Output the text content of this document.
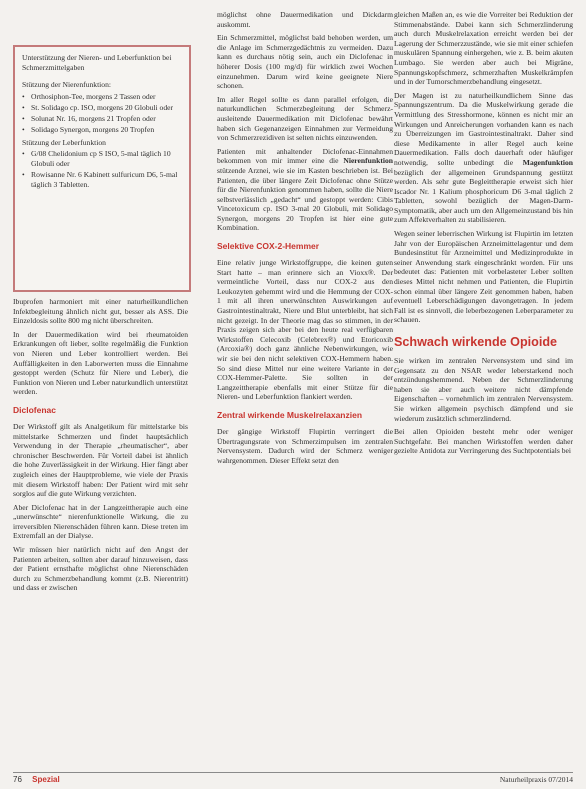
Unterstützung der Nieren- und Leberfunktion bei Schmerzmittelgaben
Stützung der Nierenfunktion:
• Orthosiphon-Tee, morgens 2 Tassen oder
• St. Solidago cp. ISO, morgens 20 Globuli oder
• Solunat Nr. 16, morgens 21 Tropfen oder
• Solidago Synergon, morgens 20 Tropfen
Stützung der Leberfunktion
• G/08 Chelidonium cp S ISO, 5-mal täglich 10 Globuli oder
• Rowisanne Nr. 6 Kabinett sulfuricum D6, 5-mal täglich 3 Tabletten.

Ibuprofen harmoniert mit einer naturheilkundlichen Infektbegleitung ähnlich nicht gut, besser als ASS. Die Einzeldosis sollte 800 mg nicht überschreiten.

In der Dauermedikation wird bei rheumatoiden Erkrankungen oft lieber, sollte regelmäßig die Funktion von Nieren und Leber kontrolliert werden. Bei Auffälligkeiten in den Laborwerten muss die Einnahme gestoppt werden (Schutz für Niere und Leber), die Funktion von Nieren und Leber naturkundlich unterstützt werden.

Diclofenac

Der Wirkstoff gilt als Analgetikum für mittelstarke bis mittelstarke Schmerzen und findet hauptsächlich Verwendung in der Therapie „rheumatischer“, aber chronischer Beschwerden. Für Vorteil dabei ist ähnlich die hohe Zuverlässigkeit in der Wirkung. Hier fängt aber zugleich eines der Hauptprobleme, wie viele der Praxis mit diesem Wirkstoff haben: Der Patient wird mit sehr sorglos auf die gute Wirkung verzichten.

Aber Diclofenac hat in der Langzeittherapie auch eine „unerwünschte“ nierenfunktionelle Wirkung, die zu irreversiblen Nierenschäden führen kann. Diese treten im Extremfall an der Dialyse.

Wir müssen hier natürlich nicht auf den Angst der Patienten arbeiten, sollten aber darauf hinzuweisen, dass der Patient ernsthafte möglichst ohne Nierenschäden durch zu Schmerzbehandlung kommt (z.B. Nierentritt) und dass er zwischen

möglichst ohne Dauermedikation und Dickdarm auskommt.

Ein Schmerzmittel, möglichst bald behoben werden, um die Anlage im Schmerzgedächtnis zu vermeiden. Dazu kann es durchaus nötig sein, auch ein Diclofenac in höherer Dosis (100 mg/d) für wirklich zwei Wochen einzunehmen. Darum wird keine geeignete Niere schonen.

Im aller Regel sollte es dann parallel erfolgen, die naturkundlichen Schmerzbegleitung der Schmerz-ausleitende Dauermedikation mit Diclofenac bewährt haben sich Gegenanzeigen Einnahmen zur Vermeidung von Schmerzrezidiven ist selten nichts einzuwenden.

Patienten mit anhaltender Diclofenac-Einnahmen bekommen von mir immer eine die Nierenfunktion stützende Arznei, wie sie im Kasten beschrieben ist. Bei Patienten, die über längere Zeit Diclofenac ohne Stütze für die Nierenfunktion genommen haben, sollte die Niere selbstverlässlich „gedacht“ und gestoppt werden: Cibis Vincetoxicum cp. ISO 3-mal 20 Globuli, mit Solidago Synergon, morgens 20 Tropfen ist hier eine gute Kombination.

Selektive COX-2-Hemmer

Eine relativ junge Wirkstoffgruppe, die keinen guten Start hatte – man erinnere sich an Vioxx®. Der vermeintliche Vorteil, dass nur COX-2 aus den Leukozyten gehemmt wird und die Hemmung der COX-1 mit all ihren unerwünschten Auswirkungen auf Gastrointestinaltrakt, Niere und Blut unterbleibt, hat sich nicht gezeigt. In der Theorie mag das so stimmen, in der Praxis zeigen sich aber bei den heute real verfügbaren Wirkstoffen Celecoxib (Celebrex®) und Etoricoxib (Arcoxia®) doch ganz ähnliche Nebenwirkungen, wie wir sie bei den nicht selektiven COX-Hemmern haben. So sind diese Mittel nur eine weitere Variante in der COX-Hemmer-Palette. Sie sollten in der Langzeittherapie ebenfalls mit einer Stütze für die Nieren- und Leberfunktion flankiert werden.

Zentral wirkende Muskelrelaxanzien

Der gängige Wirkstoff Flupirtin verringert die Übertragungsrate von Schmerzimpulsen im zentralen Nervensystem. Dadurch wird der Schmerz weniger wahrgenommen. Dieser Effekt setzt den

gleichen Maßen an, es wie die Vorreiter bei Reduktion der Stimmenabstände. Dabei kann sich Schmerzlinderung auch durch Muskelrelaxation erreicht werden bei der Lagerung der Schmerzzustände, wie sie mit einer schiefen muskulären Spannung einhergehen, wie z. B. beim akuten Lumbago. Sie werden aber auch bei Migräne, Spannungskopfschmerz, schmerzhaften Muskelkrämpfen und in der Tumorschmerzbehandlung eingesetzt.

Der Magen ist zu naturheilkundlichem Sinne das Spannungszentrum. Da die Muskelwirkung gerade die Vermittlung des Stresshormone, können es nicht mir an Wirkungen und Anreicherungen vorhanden kann es nach zu Überreizungen im Gastrointestinaltrakt. Daher sind diese Medikamente in aller Regel auch keine Dauermedikation. Falls doch dauerhaft oder häufiger notwendig, sollte unbedingt die Magenfunktion bezüglich der allgemeinen Grundspannung gestützt werden. Als sehr gute Begleittherapie erweist sich hier Iscador Nr. 1 Kalium phosphoricum D6 3-mal täglich 2 Tabletten, sowohl bezüglich der Magen-Darm-Symptomatik, aber auch um den Allgemeinzustand bis hin zum Affektverhalten zu stabilisieren.

Wegen seiner leberrischen Wirkung ist Flupirtin im letzten Jahr von der Europäischen Arzneimittelagentur und dem Bundesinstitut für Arzneimittel und Medizinprodukte in seiner Anwendung stark eingeschränkt worden. Für uns bedeutet das: Patienten mit vorbelasteter Leber sollten dieses Mittel nicht nehmen und Patienten, die Flupirtin schon einmal über längere Zeit genommen haben, haben eventuell Leberschädigungen davongetragen. In jedem Fall ist es sinnvoll, die leberbezogenen Leberparameter zu schauen.

Schwach wirkende Opioide

Sie wirken im zentralen Nervensystem und sind im Gegensatz zu den NSAR weder leberstarkend noch entzündungshemmend. Neben der Schmerzlinderung haben sie aber auch weitere nicht dämpfende Eigenschaften – vornehmlich im zentralen Nervensystem. Sie wirken allgemein psychisch dämpfend und sie wiederum zusätzlich schmerzlindernd.

Bei allen Opioiden besteht mehr oder weniger Suchtgefahr. Bei manchen Wirkstoffen werden daher gezielte Antidota zur Verringerung des Suchtpotentials bei

76 Spezial	Naturheilpraxis 07/2014
